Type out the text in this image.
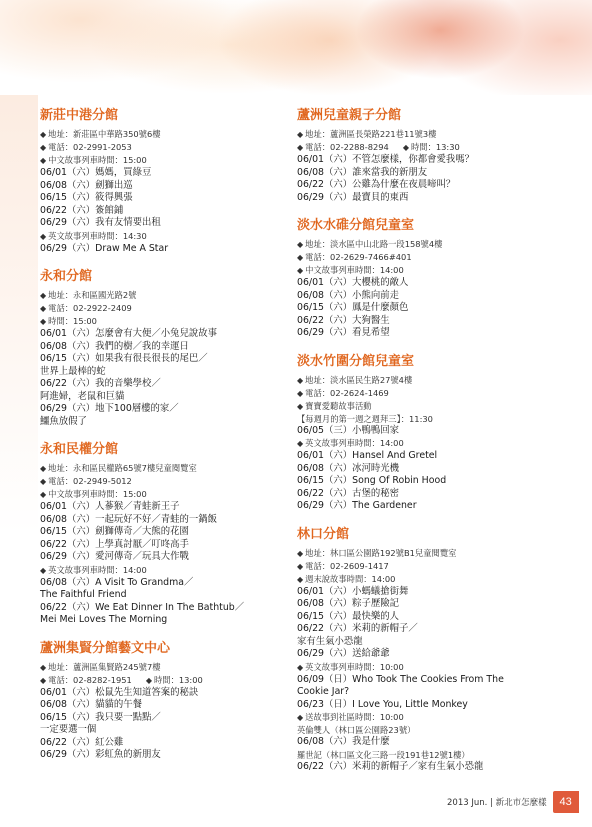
新莊中港分館
◆ 地址：新莊區中華路350號6樓
◆ 電話：02-2991-2053
◆ 中文故事列車時間：15:00
06/01（六） 媽媽，買綠豆
06/08（六） 劍獅出巡
06/15（六） 筱得興張
06/22（六） 簽館鋪
06/29（六） 我有友情要出租
◆ 英文故事列車時間：14:30
06/29（六） Draw Me A Star
永和分館
◆ 地址：永和區國光路2號
◆ 電話：02-2922-2409
◆ 時間：15:00
06/01（六） 怎麼會有大便／小兔兒說故事
06/08（六） 我們的樹／我的幸運日
06/15（六） 如果我有很長很長的尾巴／
世界上最棒的蛇
06/22（六） 我的音樂學校／
阿進婦，老鼠和巨貓
06/29（六） 地下100層樓的家／
鱷魚放假了
永和民權分館
◆ 地址：永和區民權路65號7樓兒童閱覽室
◆ 電話：02-2949-5012
◆ 中文故事列車時間：15:00
06/01（六） 人蔘猴／青蛙新王子
06/08（六） 一起玩好不好／青蛙的一鍋飯
06/15（六） 劍獅傳奇／大熊的花園
06/22（六） 上學真討厭／叮咚高手
06/29（六） 愛河傳奇／玩具大作戰
◆ 英文故事列車時間：14:00
06/08（六） A Visit To Grandma／
The Faithful Friend
06/22（六） We Eat Dinner In The Bathtub／
Mei Mei Loves The Morning
蘆洲集賢分館藝文中心
◆ 地址：蘆洲區集賢路245號7樓
◆ 電話：02-8282-1951 ◆ 時間：13:00
06/01（六） 松鼠先生知道答案的秘訣
06/08（六） 貓貓的午餐
06/15（六） 我只要一點點／
一定要選一個
06/22（六） 紅公雞
06/29（六） 彩虹魚的新朋友
蘆洲兒童親子分館
◆ 地址：蘆洲區長榮路221巷11號3樓
◆ 電話：02-2288-8294 ◆ 時間：13:30
06/01（六） 不管怎麼樣，你都會愛我嗎？
06/08（六） 誰來當我的新朋友
06/22（六） 公雞為什麼在夜晨啼叫？
06/29（六） 最寶貝的東西
淡水水碓分館兒童室
◆ 地址：淡水區中山北路一段158號4樓
◆ 電話：02-2629-7466#401
◆ 中文故事列車時間：14:00
06/01（六） 大櫻桃的敵人
06/08（六） 小熊向前走
06/15（六） 鳳是什麼顏色
06/22（六） 大狗醫生
06/29（六） 看見希望
淡水竹圍分館兒童室
◆ 地址：淡水區民生路27號4樓
◆ 電話：02-2624-1469
◆ 寶寶愛聽故事活動
【每週月的第一週之週拜三】：11:30
06/05（三） 小鴨鴨回家
◆ 英文故事列車時間：14:00
06/01（六） Hansel And Gretel
06/08（六） 冰河時光機
06/15（六） Song Of Robin Hood
06/22（六） 古堡的秘密
06/29（六） The Gardener
林口分館
◆ 地址：林口區公園路192號B1兒童閱覽室
◆ 電話：02-2609-1417
◆ 週末說故事時間：14:00
06/01（六） 小螞蟻搶街舞
06/08（六） 粽子歷險記
06/15（六） 最快樂的人
06/22（六） 米莉的新帽子／
家有生氣小恐龍
06/29（六） 送給爺爺
◆ 英文故事列車時間：10:00
06/09（日） Who Took The Cookies From The
Cookie Jar?
06/23（日） I Love You, Little Monkey
◆ 送故事到社區時間：10:00
英倫雙人（林口區公園路23號）
06/08（六） 我是什麼
羅世記（林口區文化三路一段191巷12號1樓）
06/22（六） 米莉的新帽子／家有生氣小恐龍
2013 Jun. | 新北市怎麼樣	43
